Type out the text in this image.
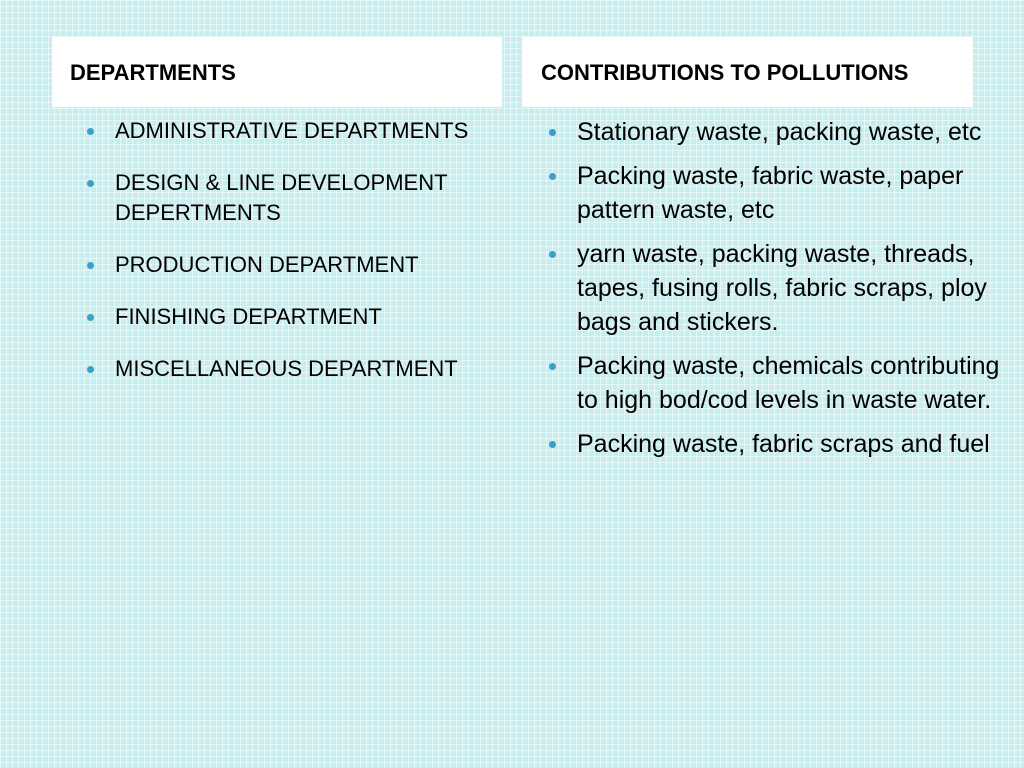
DEPARTMENTS	CONTRIBUTIONS TO POLLUTIONS
ADMINISTRATIVE DEPARTMENTS
DESIGN & LINE DEVELOPMENT DEPERTMENTS
PRODUCTION DEPARTMENT
FINISHING DEPARTMENT
MISCELLANEOUS DEPARTMENT
Stationary waste, packing waste, etc
Packing waste, fabric waste, paper pattern waste, etc
yarn waste, packing waste, threads, tapes, fusing rolls, fabric scraps, ploy bags and stickers.
Packing waste, chemicals contributing to high bod/cod levels in waste water.
Packing waste, fabric scraps and fuel
